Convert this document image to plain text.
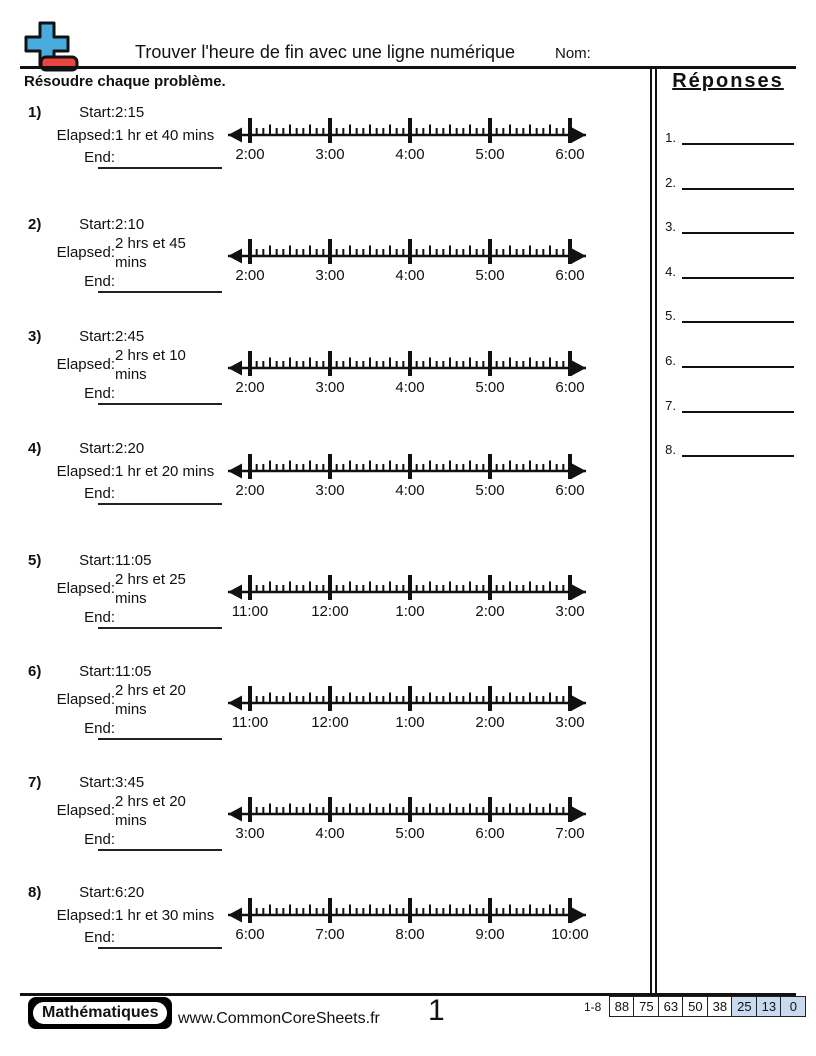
Trouver l'heure de fin avec une ligne numérique	Nom:
Résoudre chaque problème.	Réponses
1.
2.
3.
4.
5.
6.
7.
8.
1)	Start:2:15
Elapsed:1 hr et 40 mins
End:	2:00	3:00	4:00	5:00	6:00
2)	Start:2:10
Elapsed:
2 hrs et 45
mins
End:	2:00	3:00	4:00	5:00	6:00
3)	Start:2:45
Elapsed:
2 hrs et 10
mins
End:	2:00	3:00	4:00	5:00	6:00
4)	Start:2:20
Elapsed:1 hr et 20 mins
End:	2:00	3:00	4:00	5:00	6:00
5)	Start:11:05
Elapsed:
2 hrs et 25
mins
End:	11:00	12:00	1:00	2:00	3:00
6)	Start:11:05
Elapsed:
2 hrs et 20
mins
End:	11:00	12:00	1:00	2:00	3:00
7)	Start:3:45
Elapsed:
2 hrs et 20
mins
End:	3:00	4:00	5:00	6:00	7:00
8)	Start:6:20
Elapsed:1 hr et 30 mins
End:	6:00	7:00	8:00	9:00	10:00
Mathématiques	www.CommonCoreSheets.fr 1	1-8	88 75 63 50 38 25 13	0
